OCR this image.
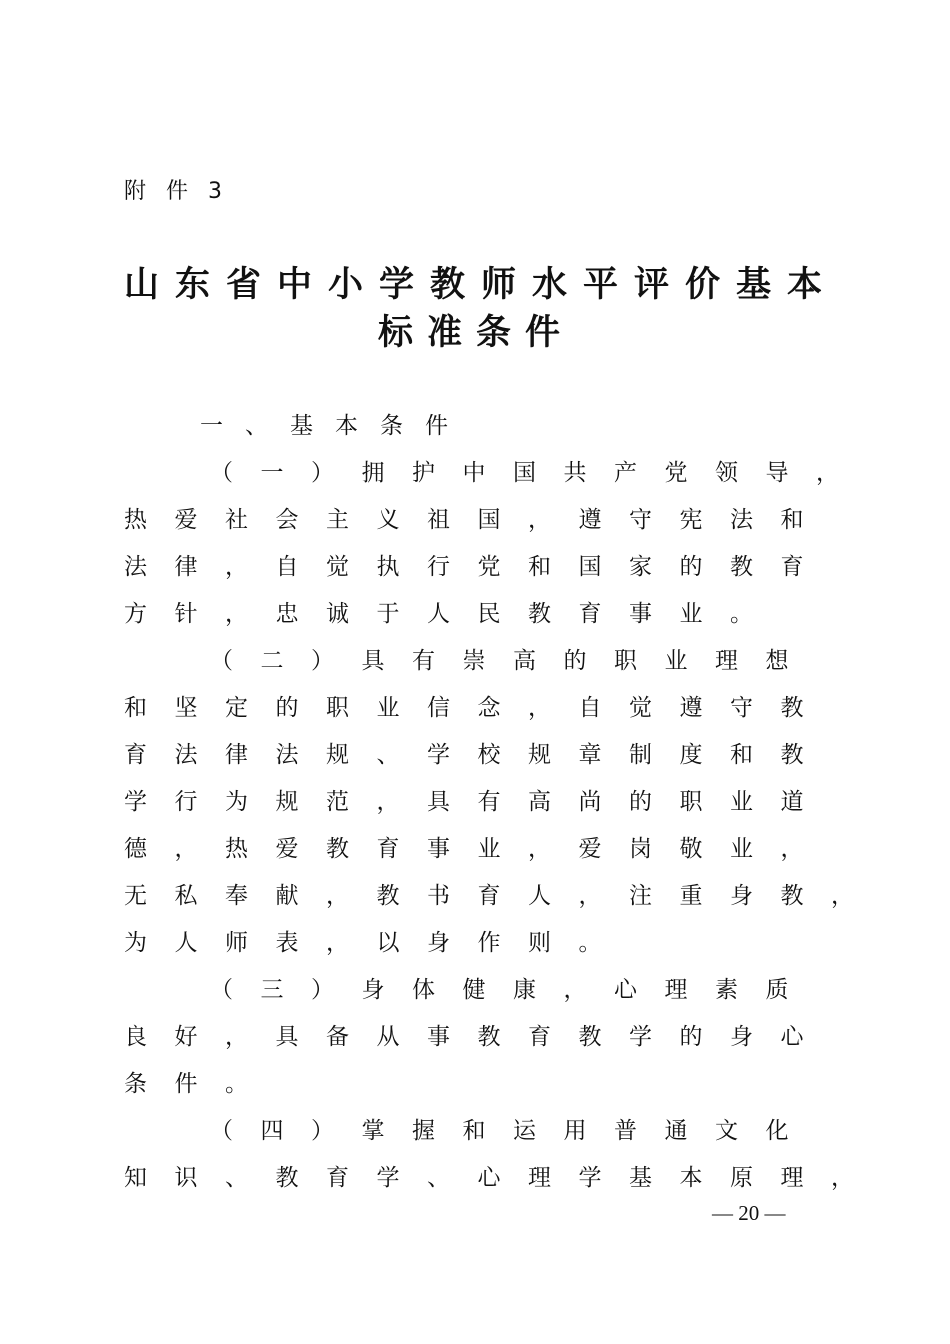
附件3
山东省中小学教师水平评价基本
标准条件
一、基本条件
（一）拥护中国共产党领导，
热爱社会主义祖国，遵守宪法和
法律，自觉执行党和国家的教育
方针，忠诚于人民教育事业。
（二）具有崇高的职业理想
和坚定的职业信念，自觉遵守教
育法律法规、学校规章制度和教
学行为规范，具有高尚的职业道
德，热爱教育事业，爱岗敬业，
无私奉献，教书育人，注重身教，
为人师表，以身作则。
（三）身体健康，心理素质
良好，具备从事教育教学的身心
条件。
（四）掌握和运用普通文化
知识、教育学、心理学基本原理，
— 20 —
